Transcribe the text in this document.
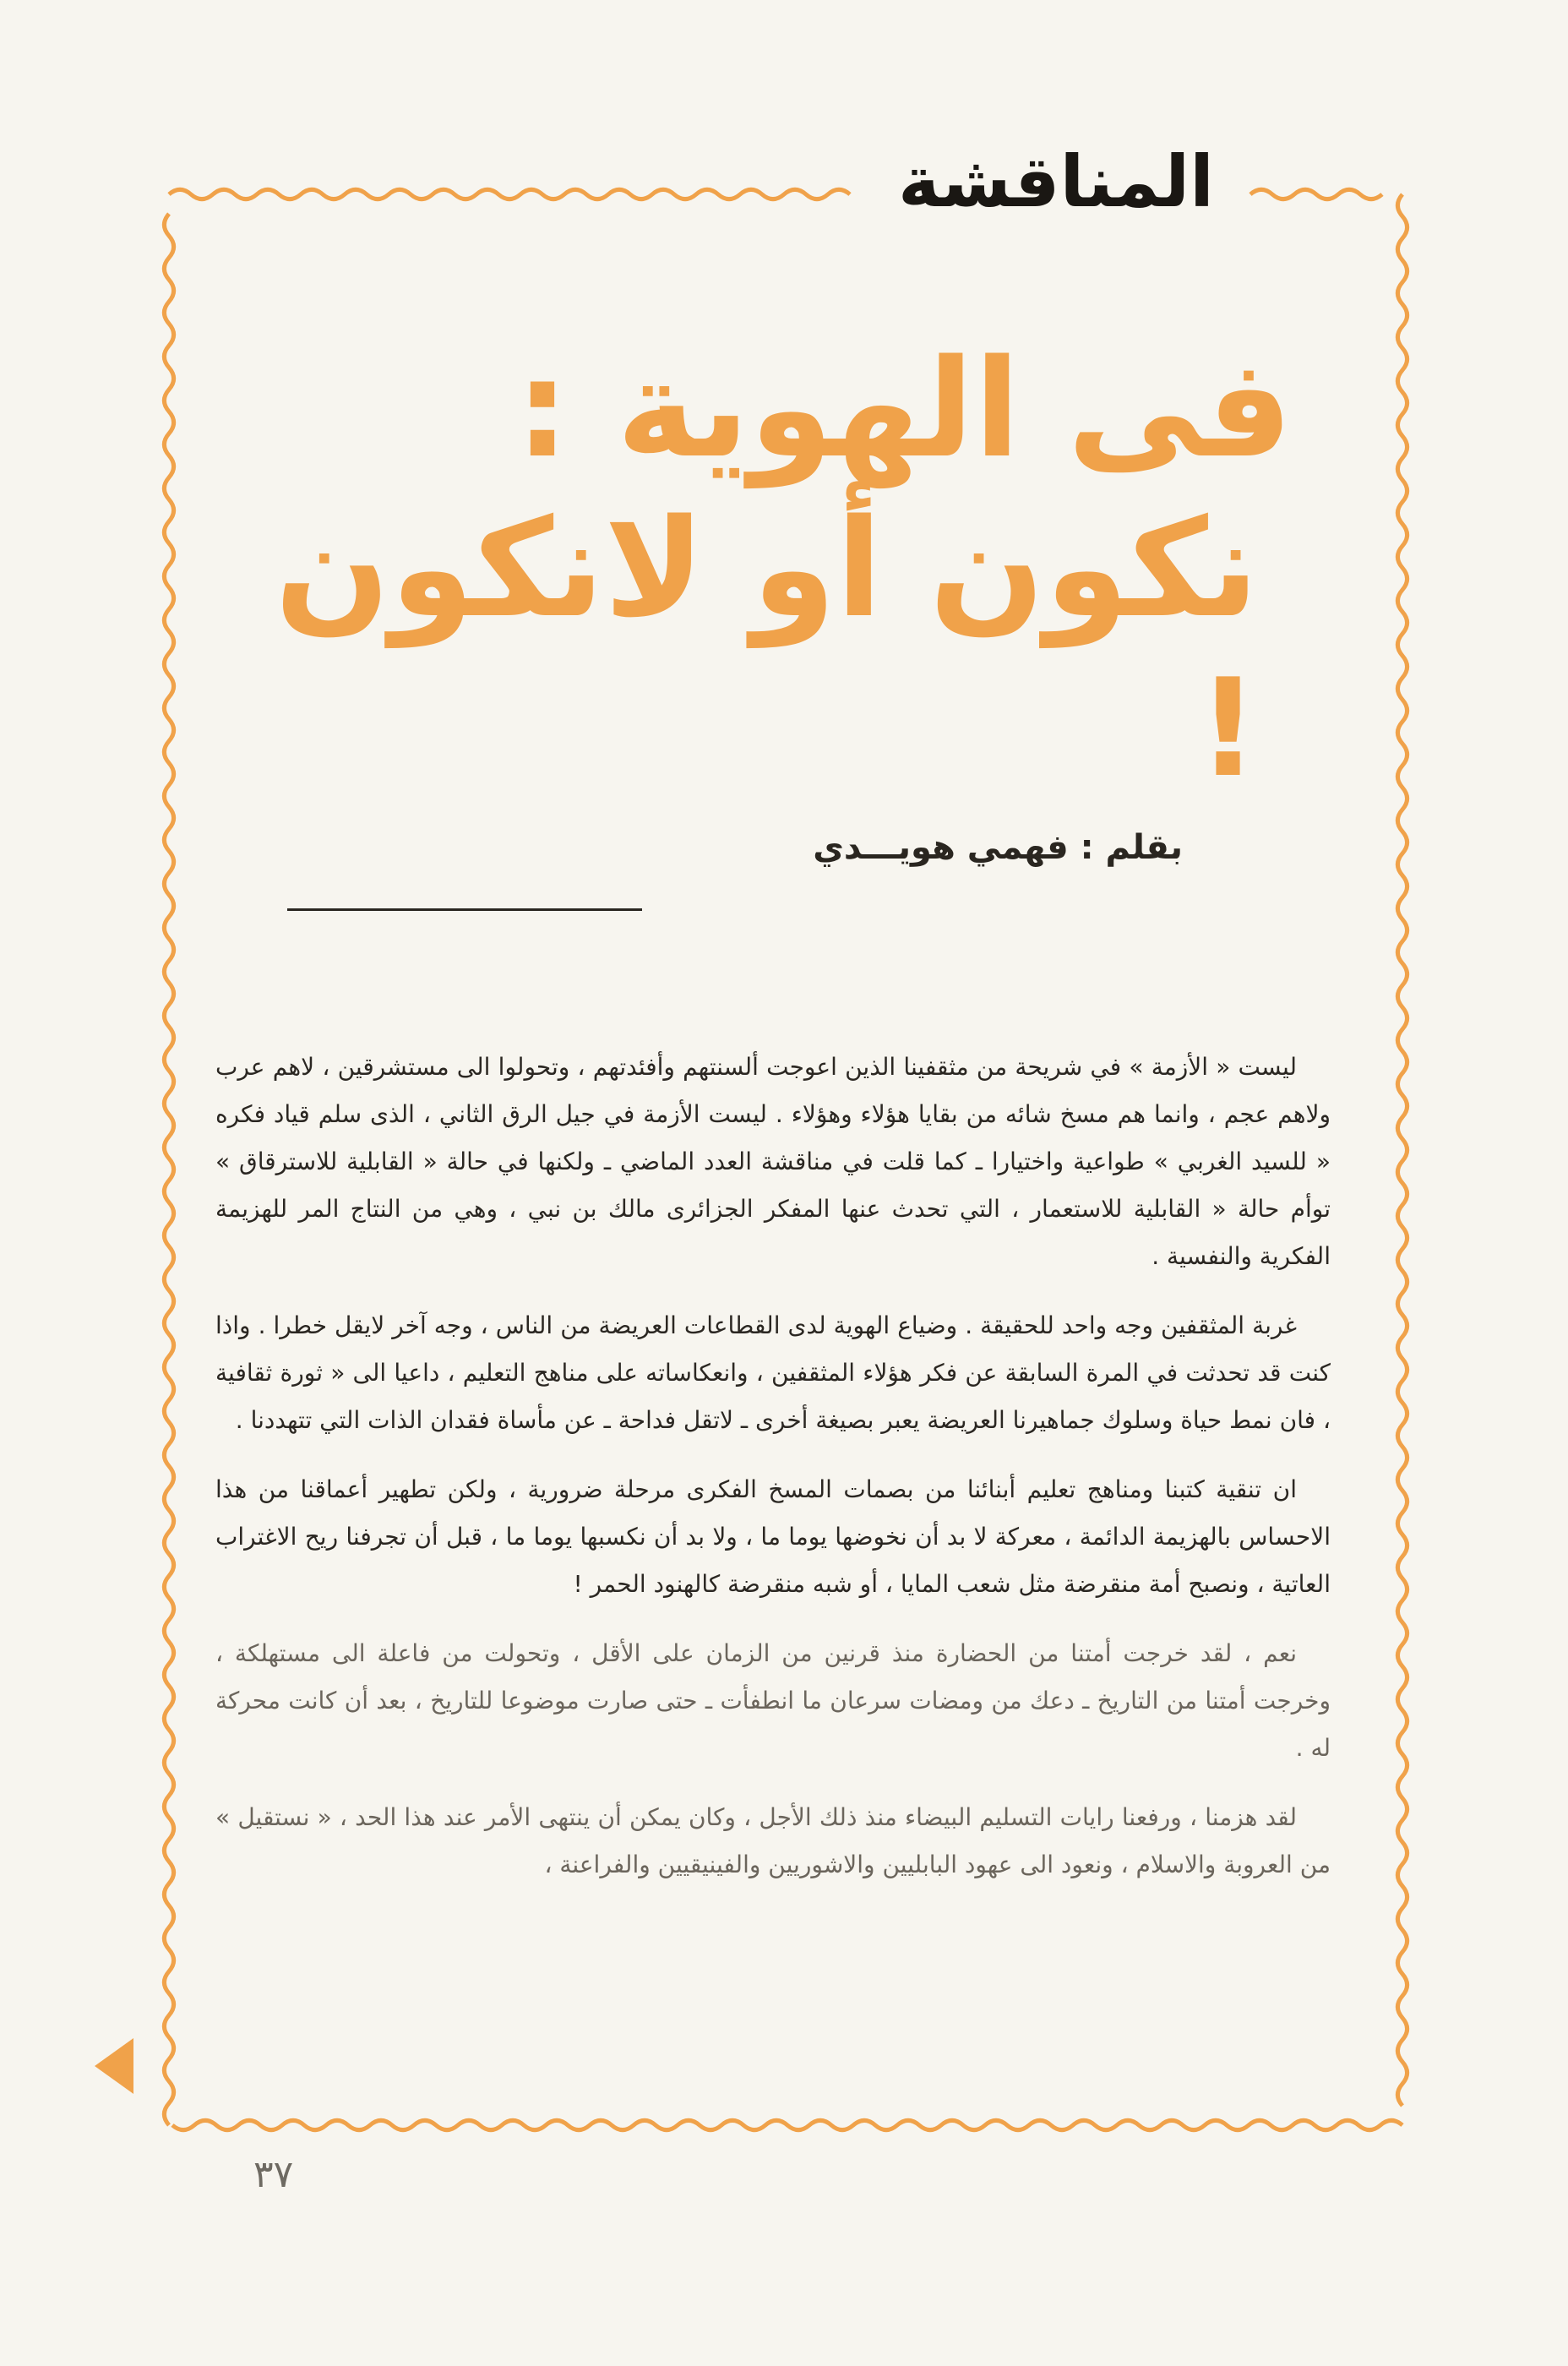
المناقشة
فى الهوية :
نكون أو لانكون !
بقلم : فهمي هويـــدي

ليست « الأزمة » في شريحة من مثقفينا الذين اعوجت ألسنتهم وأفئدتهم ، وتحولوا الى مستشرقين ، لاهم عرب ولاهم عجم ، وانما هم مسخ شائه من بقايا هؤلاء وهؤلاء . ليست الأزمة في جيل الرق الثاني ، الذى سلم قياد فكره « للسيد الغربي » طواعية واختيارا ـ كما قلت في مناقشة العدد الماضي ـ ولكنها في حالة « القابلية للاسترقاق » توأم حالة « القابلية للاستعمار ، التي تحدث عنها المفكر الجزائرى مالك بن نبي ، وهي من النتاج المر للهزيمة الفكرية والنفسية .

غربة المثقفين وجه واحد للحقيقة . وضياع الهوية لدى القطاعات العريضة من الناس ، وجه آخر لايقل خطرا . واذا كنت قد تحدثت في المرة السابقة عن فكر هؤلاء المثقفين ، وانعكاساته على مناهج التعليم ، داعيا الى « ثورة ثقافية ، فان نمط حياة وسلوك جماهيرنا العريضة يعبر بصيغة أخرى ـ لاتقل فداحة ـ عن مأساة فقدان الذات التي تتهددنا .

ان تنقية كتبنا ومناهج تعليم أبنائنا من بصمات المسخ الفكرى مرحلة ضرورية ، ولكن تطهير أعماقنا من هذا الاحساس بالهزيمة الدائمة ، معركة لا بد أن نخوضها يوما ما ، ولا بد أن نكسبها يوما ما ، قبل أن تجرفنا ريح الاغتراب العاتية ، ونصبح أمة منقرضة مثل شعب المايا ، أو شبه منقرضة كالهنود الحمر !

نعم ، لقد خرجت أمتنا من الحضارة منذ قرنين من الزمان على الأقل ، وتحولت من فاعلة الى مستهلكة ، وخرجت أمتنا من التاريخ ـ دعك من ومضات سرعان ما انطفأت ـ حتى صارت موضوعا للتاريخ ، بعد أن كانت محركة له .

لقد هزمنا ، ورفعنا رايات التسليم البيضاء منذ ذلك الأجل ، وكان يمكن أن ينتهى الأمر عند هذا الحد ، « نستقيل » من العروبة والاسلام ، ونعود الى عهود البابليين والاشوريين والفينيقيين والفراعنة ،

٣٧
